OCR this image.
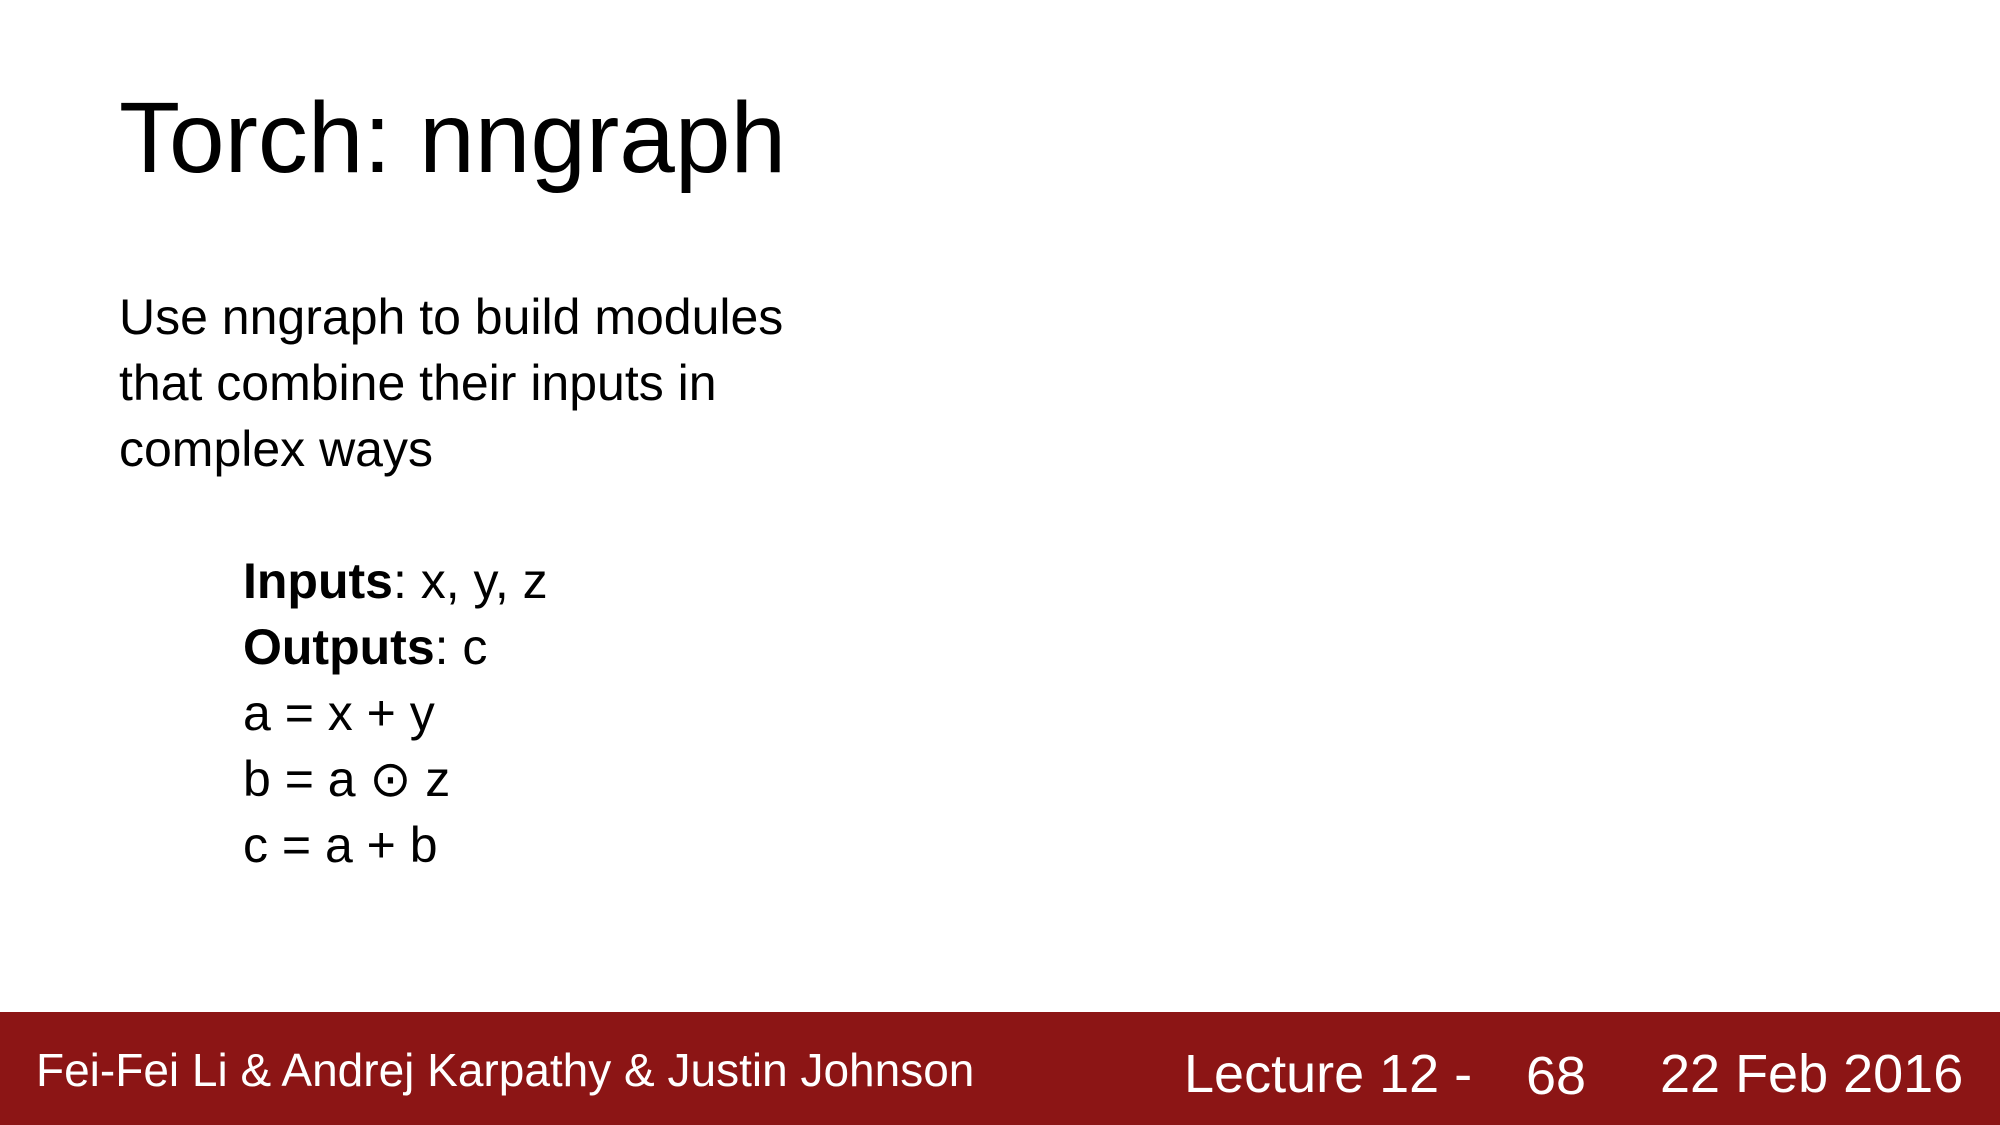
Torch: nngraph
Use nngraph to build modules
that combine their inputs in
complex ways
Inputs: x, y, z
Outputs: c
a = x + y
b = a ⊙ z
c = a + b
Fei-Fei Li & Andrej Karpathy & Justin Johnson	Lecture 12 - 68 22 Feb 2016
